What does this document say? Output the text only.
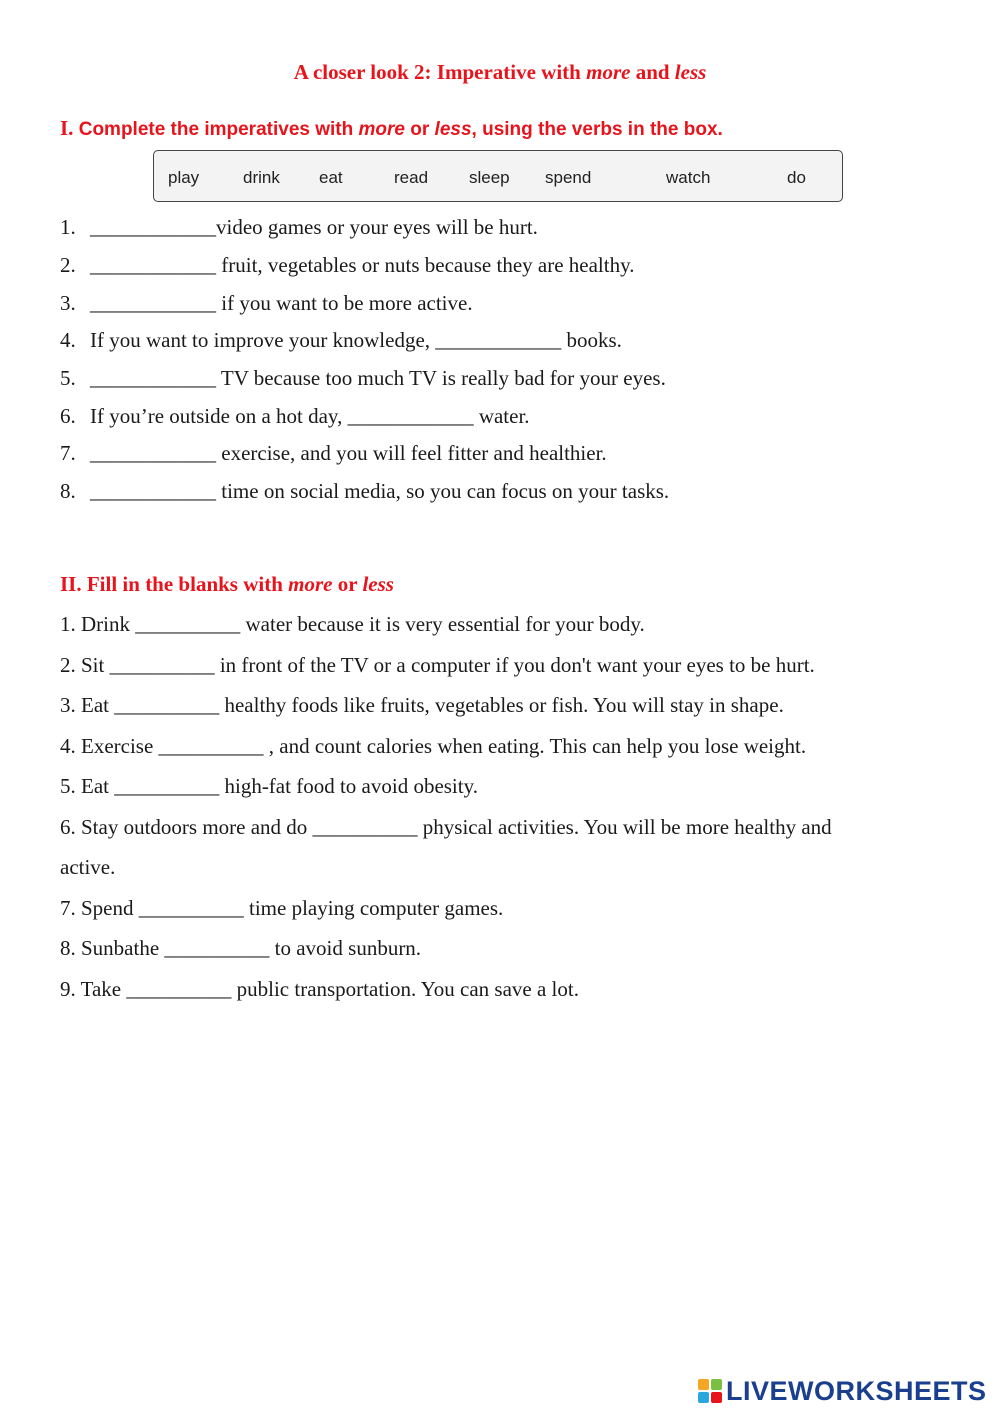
A closer look 2: Imperative with more and less
I. Complete the imperatives with more or less, using the verbs in the box.
play	drink eat	read sleep spend	watch	do
1. ____________video games or your eyes will be hurt.
2. ____________ fruit, vegetables or nuts because they are healthy.
3. ____________ if you want to be more active.
4. If you want to improve your knowledge, ____________ books.
5. ____________ TV because too much TV is really bad for your eyes.
6. If you’re outside on a hot day, ____________ water.
7. ____________ exercise, and you will feel fitter and healthier.
8. ____________ time on social media, so you can focus on your tasks.
II. Fill in the blanks with more or less
1. Drink __________ water because it is very essential for your body.
2. Sit __________ in front of the TV or a computer if you don't want your eyes to be hurt.
3. Eat __________ healthy foods like fruits, vegetables or fish. You will stay in shape.
4. Exercise __________ , and count calories when eating. This can help you lose weight.
5. Eat __________ high-fat food to avoid obesity.
6. Stay outdoors more and do __________ physical activities. You will be more healthy and
active.
7. Spend __________ time playing computer games.
8. Sunbathe __________ to avoid sunburn.
9. Take __________ public transportation. You can save a lot.
LIVEWORKSHEETS
